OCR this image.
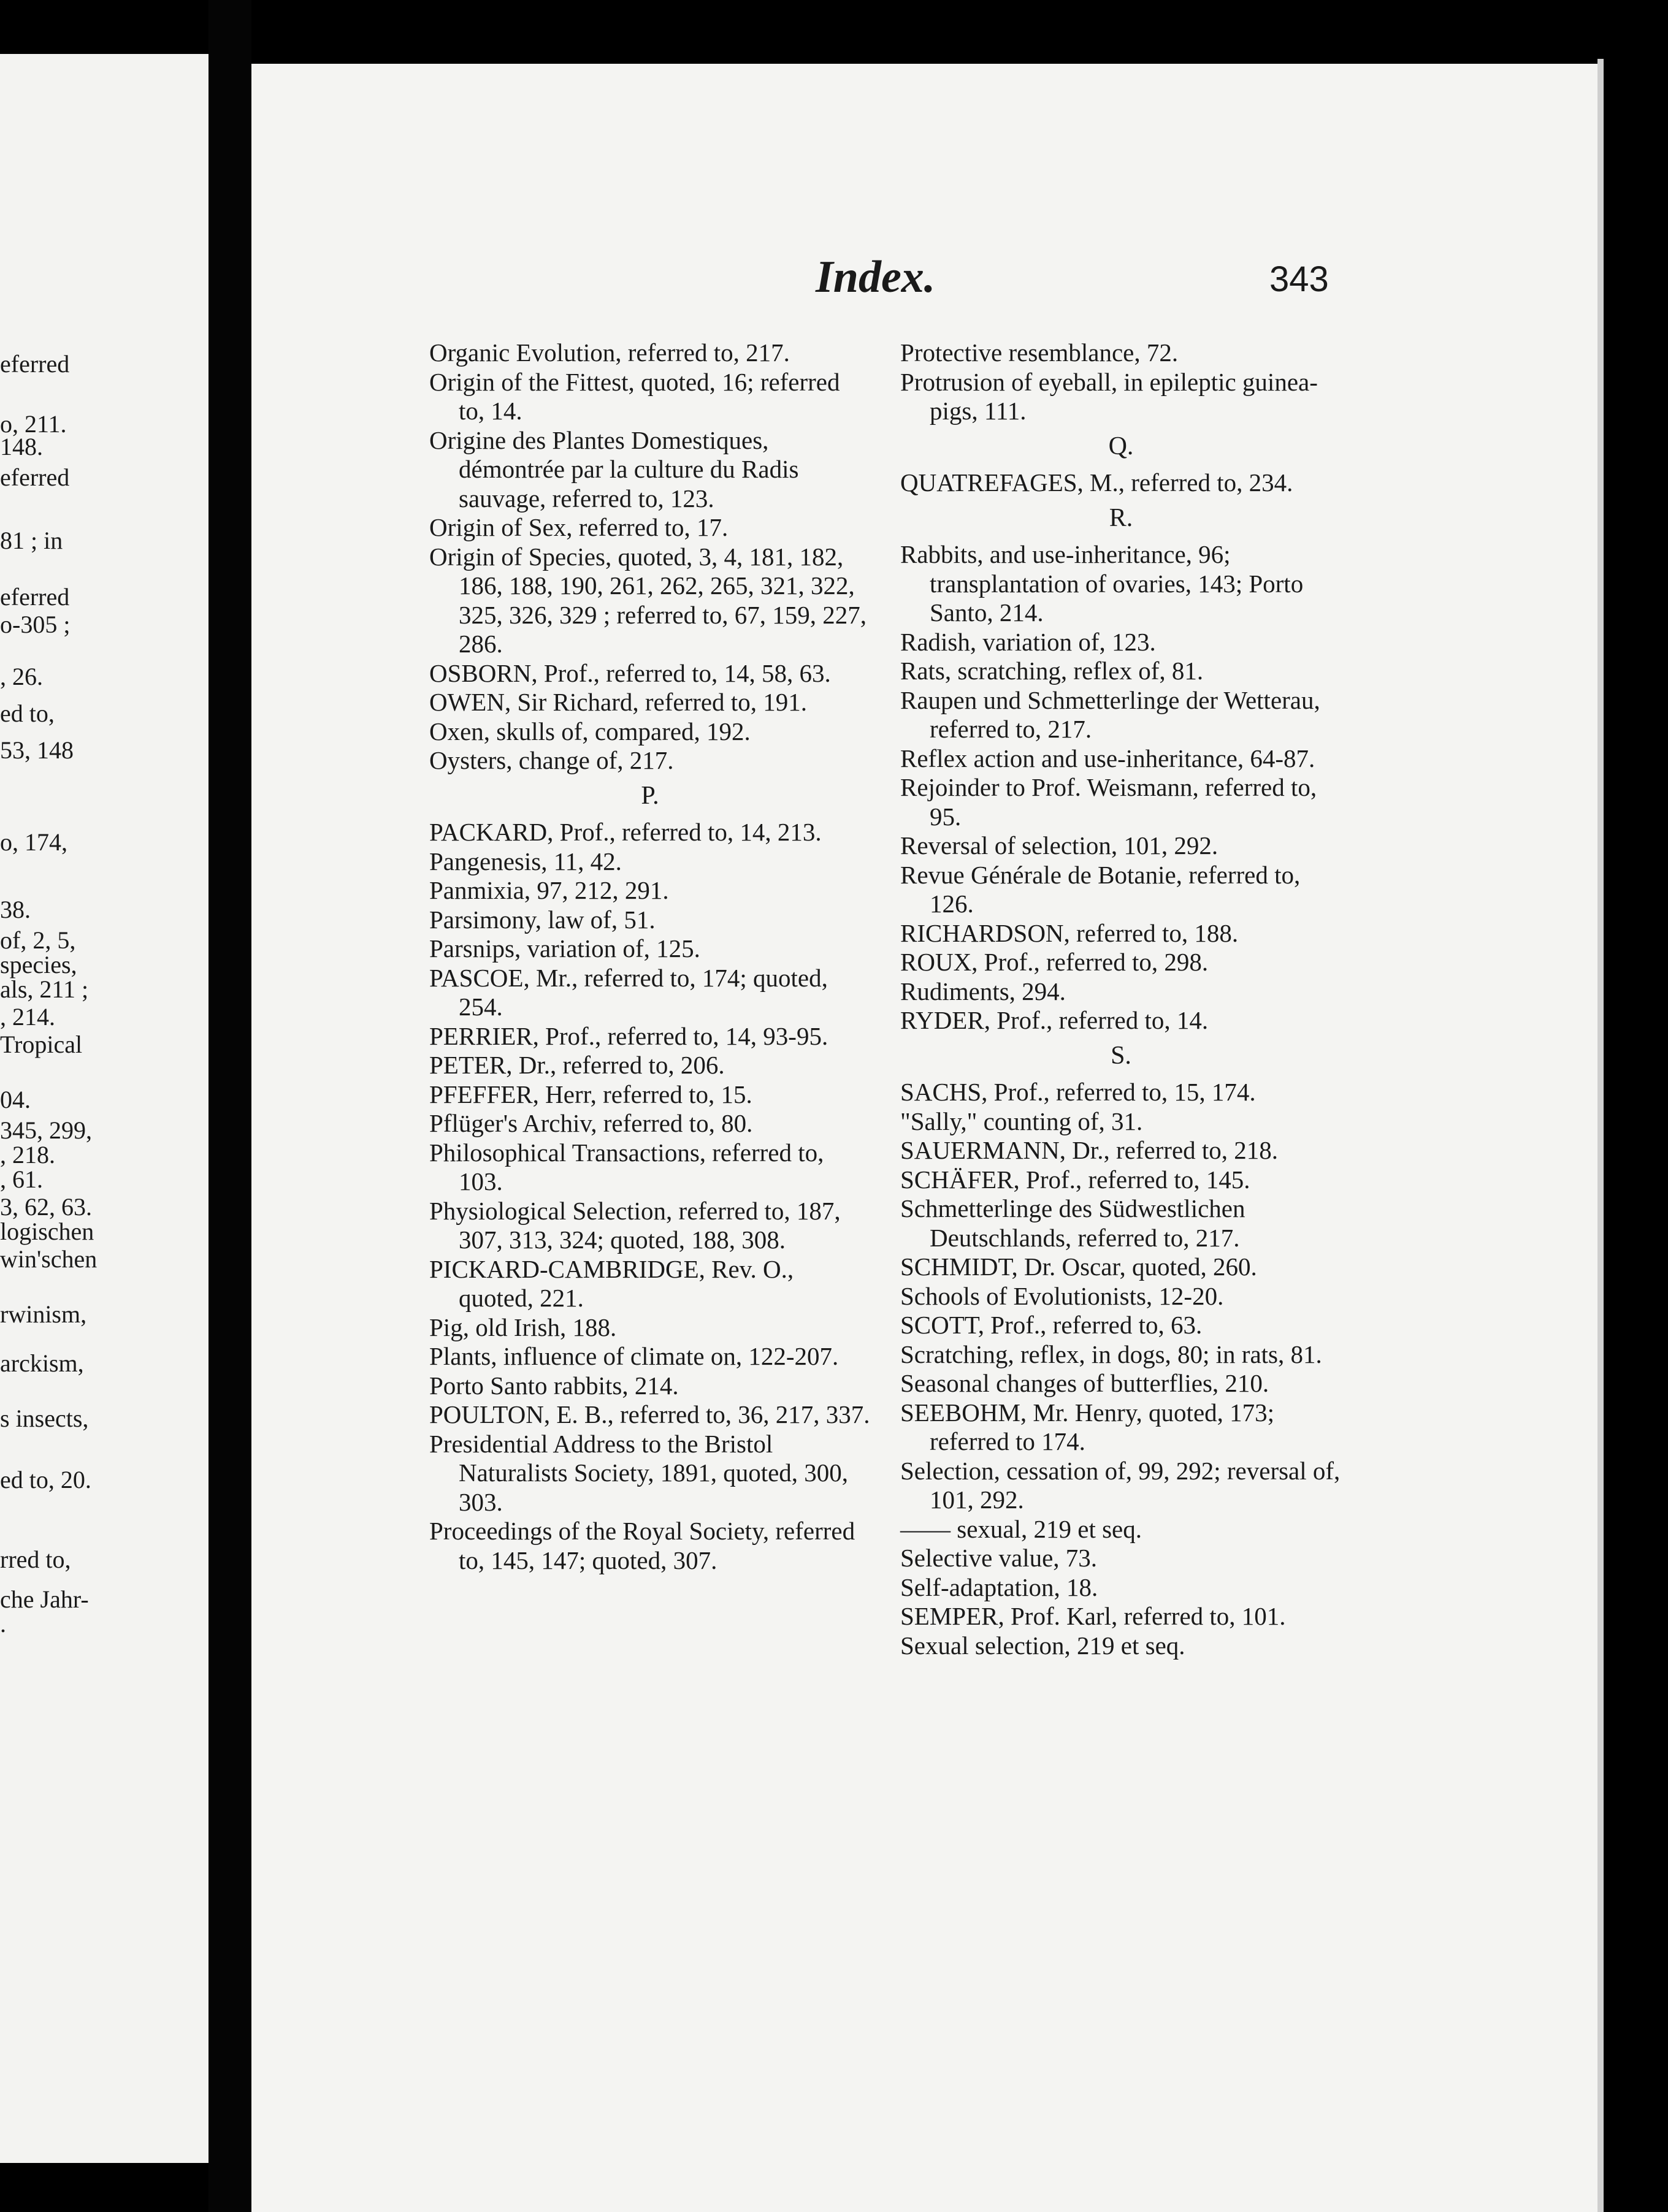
eferred
o, 211.
148.
eferred
81 ; in
eferred
o-305 ;
, 26.
ed to,
53, 148
o, 174,
38.
of, 2, 5,
species,
als, 211 ;
, 214.
Tropical
04.
345, 299,
, 218.
, 61.
3, 62, 63.
logischen
win'schen
rwinism,
arckism,
s insects,
ed to, 20.
rred to,
che Jahr-
.
Index.	343

Organic Evolution, referred to, 217.

Origin of the Fittest, quoted, 16; referred to, 14.

Origine des Plantes Domestiques, démontrée par la culture du Radis sauvage, referred to, 123.

Origin of Sex, referred to, 17.

Origin of Species, quoted, 3, 4, 181, 182, 186, 188, 190, 261, 262, 265, 321, 322, 325, 326, 329 ; referred to, 67, 159, 227, 286.

OSBORN, Prof., referred to, 14, 58, 63.

OWEN, Sir Richard, referred to, 191.

Oxen, skulls of, compared, 192.

Oysters, change of, 217.

P.

PACKARD, Prof., referred to, 14, 213.

Pangenesis, 11, 42.

Panmixia, 97, 212, 291.

Parsimony, law of, 51.

Parsnips, variation of, 125.

PASCOE, Mr., referred to, 174; quoted, 254.

PERRIER, Prof., referred to, 14, 93-95.

PETER, Dr., referred to, 206.

PFEFFER, Herr, referred to, 15.

Pflüger's Archiv, referred to, 80.

Philosophical Transactions, referred to, 103.

Physiological Selection, referred to, 187, 307, 313, 324; quoted, 188, 308.

PICKARD-CAMBRIDGE, Rev. O., quoted, 221.

Pig, old Irish, 188.

Plants, influence of climate on, 122-207.

Porto Santo rabbits, 214.

POULTON, E. B., referred to, 36, 217, 337.

Presidential Address to the Bristol Naturalists Society, 1891, quoted, 300, 303.

Proceedings of the Royal Society, referred to, 145, 147; quoted, 307.

Protective resemblance, 72.

Protrusion of eyeball, in epileptic guinea-pigs, 111.

Q.

QUATREFAGES, M., referred to, 234.

R.

Rabbits, and use-inheritance, 96; transplantation of ovaries, 143; Porto Santo, 214.

Radish, variation of, 123.

Rats, scratching, reflex of, 81.

Raupen und Schmetterlinge der Wetterau, referred to, 217.

Reflex action and use-inheritance, 64-87.

Rejoinder to Prof. Weismann, referred to, 95.

Reversal of selection, 101, 292.

Revue Générale de Botanie, referred to, 126.

RICHARDSON, referred to, 188.

ROUX, Prof., referred to, 298.

Rudiments, 294.

RYDER, Prof., referred to, 14.

S.

SACHS, Prof., referred to, 15, 174.

"Sally," counting of, 31.

SAUERMANN, Dr., referred to, 218.

SCHÄFER, Prof., referred to, 145.

Schmetterlinge des Südwestlichen Deutschlands, referred to, 217.

SCHMIDT, Dr. Oscar, quoted, 260.

Schools of Evolutionists, 12-20.

SCOTT, Prof., referred to, 63.

Scratching, reflex, in dogs, 80; in rats, 81.

Seasonal changes of butterflies, 210.

SEEBOHM, Mr. Henry, quoted, 173; referred to 174.

Selection, cessation of, 99, 292; reversal of, 101, 292.

—— sexual, 219 et seq.

Selective value, 73.

Self-adaptation, 18.

SEMPER, Prof. Karl, referred to, 101.

Sexual selection, 219 et seq.
